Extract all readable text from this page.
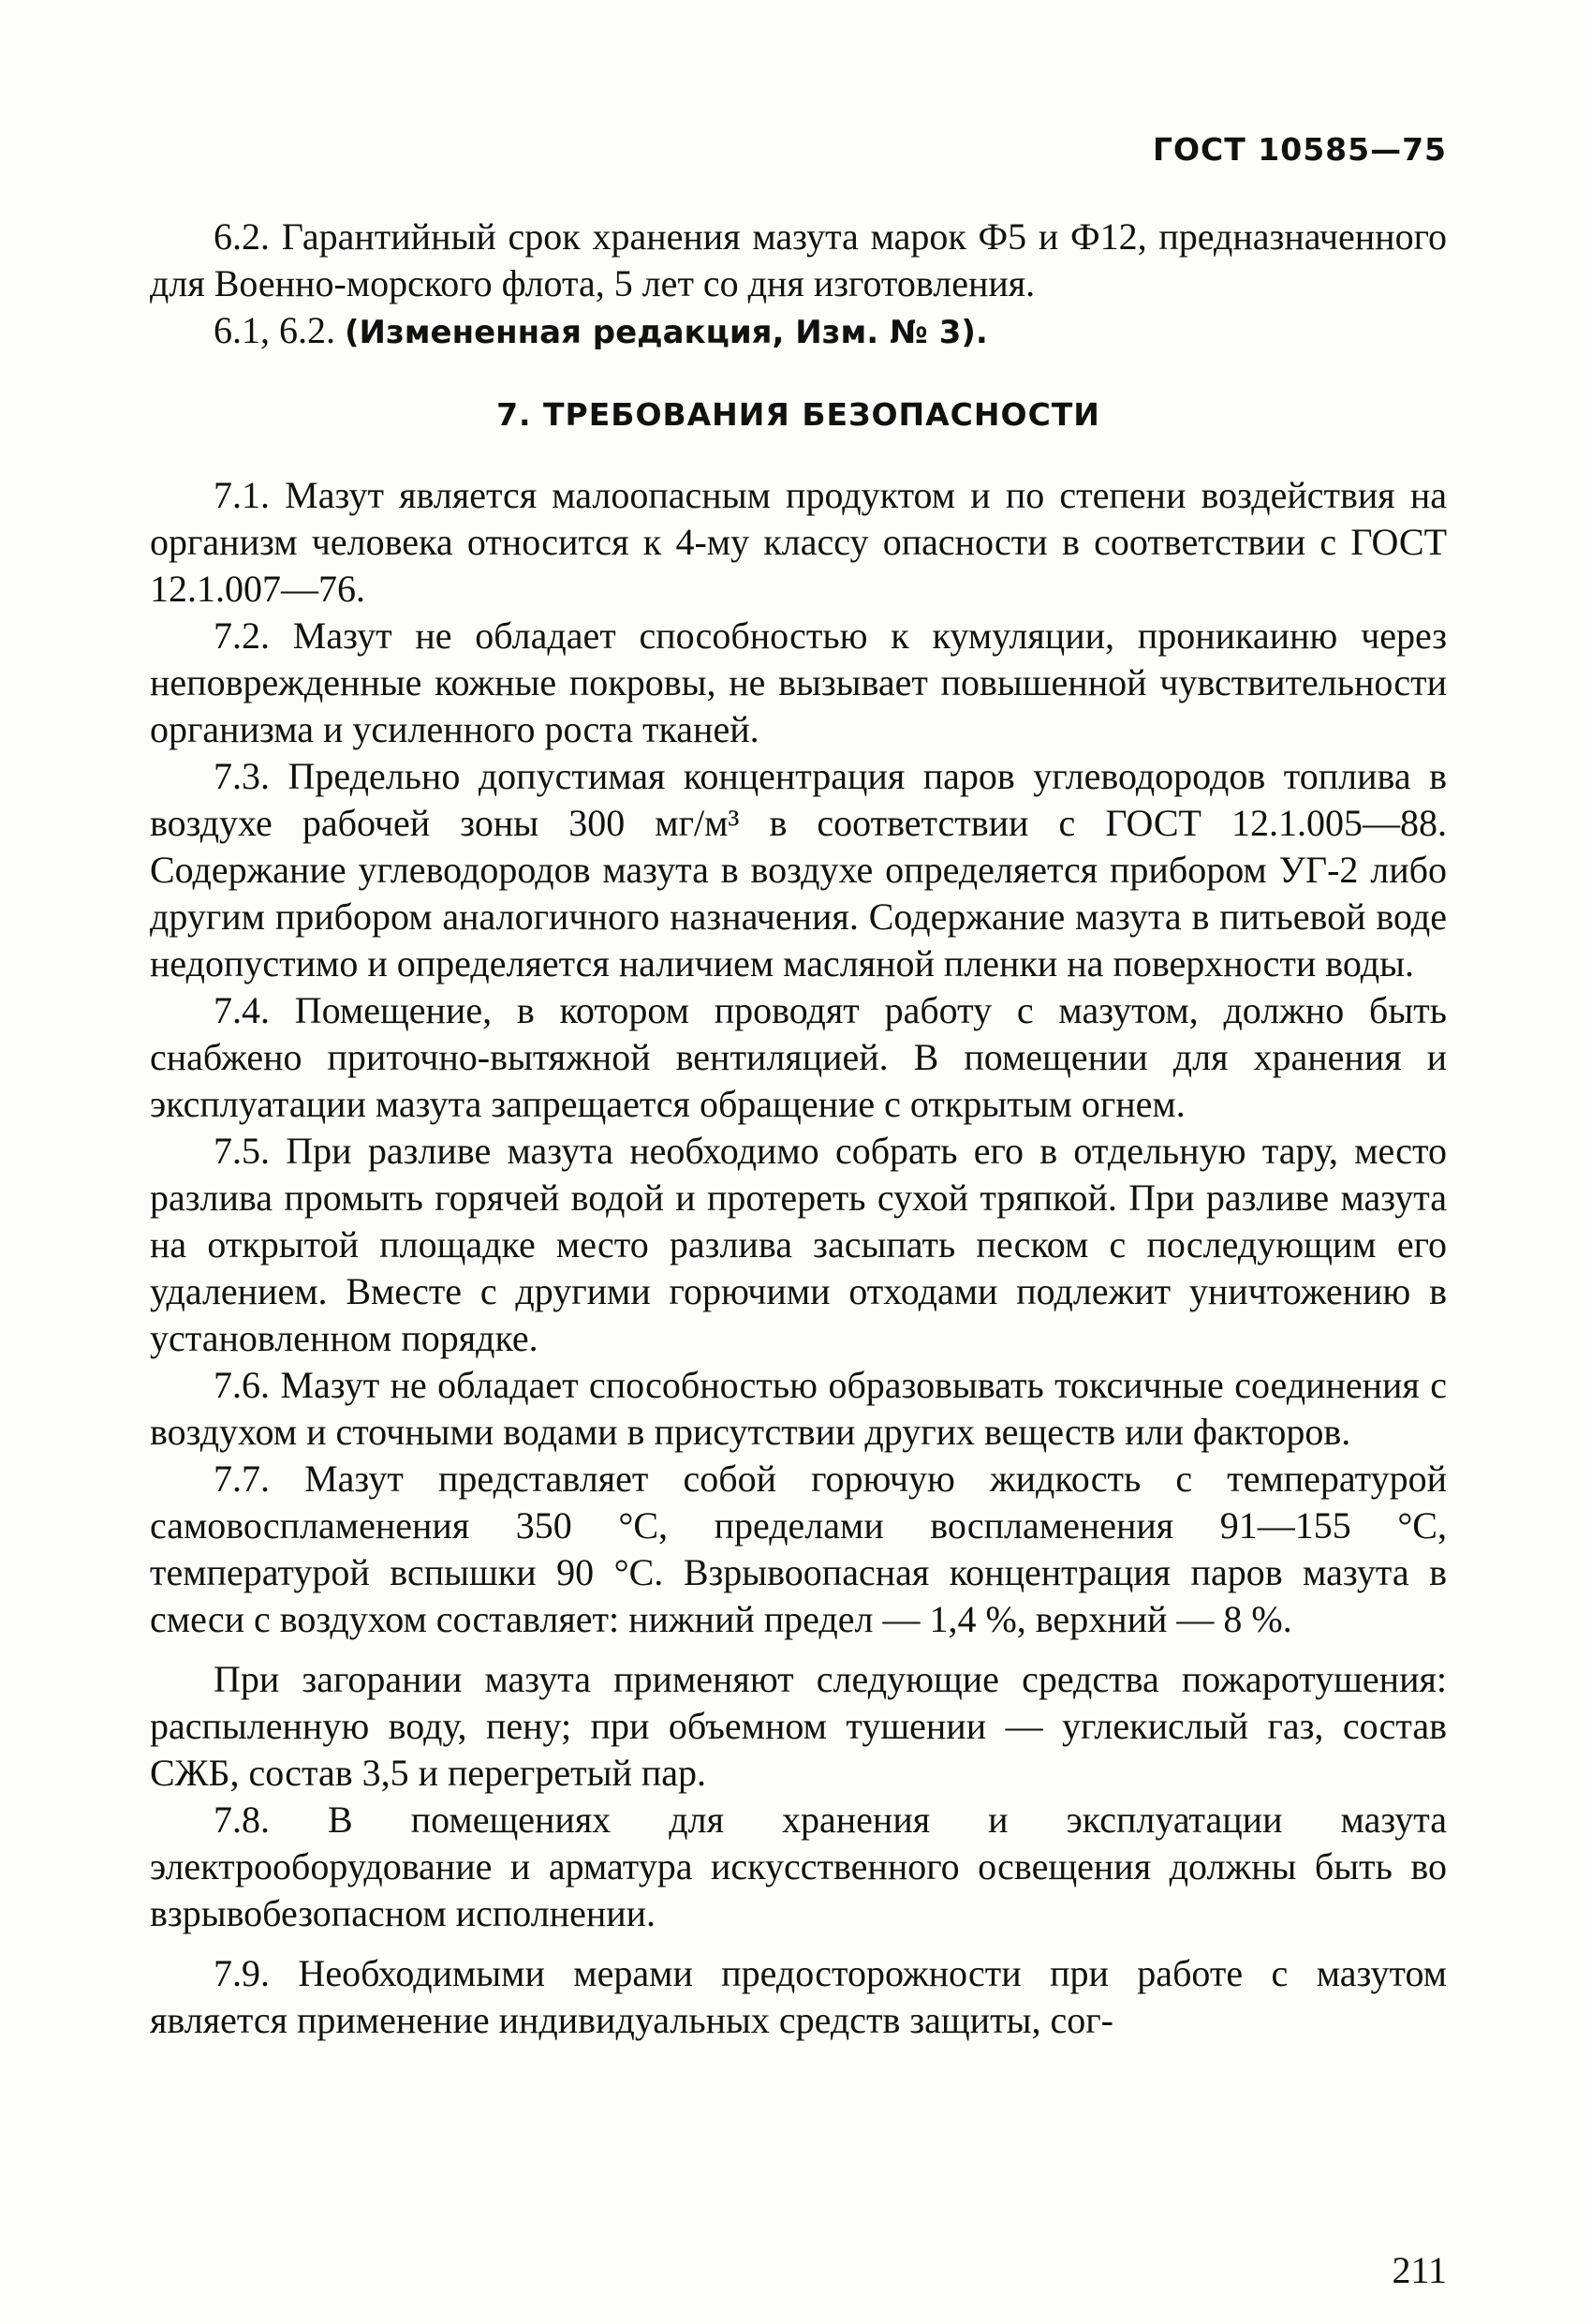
ГОСТ 10585—75

6.2. Гарантийный срок хранения мазута марок Ф5 и Ф12, предназначенного для Военно-морского флота, 5 лет со дня изготовления.

6.1, 6.2. (Измененная редакция, Изм. № 3).

7. ТРЕБОВАНИЯ БЕЗОПАСНОСТИ

7.1. Мазут является малоопасным продуктом и по степени воздействия на организм человека относится к 4-му классу опасности в соответствии с ГОСТ 12.1.007—76.

7.2. Мазут не обладает способностью к кумуляции, проникаиню через неповрежденные кожные покровы, не вызывает повышенной чувствительности организма и усиленного роста тканей.

7.3. Предельно допустимая концентрация паров углеводородов топлива в воздухе рабочей зоны 300 мг/м³ в соответствии с ГОСТ 12.1.005—88. Содержание углеводородов мазута в воздухе определяется прибором УГ-2 либо другим прибором аналогичного назначения. Содержание мазута в питьевой воде недопустимо и определяется наличием масляной пленки на поверхности воды.

7.4. Помещение, в котором проводят работу с мазутом, должно быть снабжено приточно-вытяжной вентиляцией. В помещении для хранения и эксплуатации мазута запрещается обращение с открытым огнем.

7.5. При разливе мазута необходимо собрать его в отдельную тару, место разлива промыть горячей водой и протереть сухой тряпкой. При разливе мазута на открытой площадке место разлива засыпать песком с последующим его удалением. Вместе с другими горючими отходами подлежит уничтожению в установленном порядке.

7.6. Мазут не обладает способностью образовывать токсичные соединения с воздухом и сточными водами в присутствии других веществ или факторов.

7.7. Мазут представляет собой горючую жидкость с температурой самовоспламенения 350 °С, пределами воспламенения 91—155 °С, температурой вспышки 90 °С. Взрывоопасная концентрация паров мазута в смеси с воздухом составляет: нижний предел — 1,4 %, верхний — 8 %.

При загорании мазута применяют следующие средства пожаротушения: распыленную воду, пену; при объемном тушении — углекислый газ, состав СЖБ, состав 3,5 и перегретый пар.

7.8. В помещениях для хранения и эксплуатации мазута электрооборудование и арматура искусственного освещения должны быть во взрывобезопасном исполнении.

7.9. Необходимыми мерами предосторожности при работе с мазутом является применение индивидуальных средств защиты, сог-

211
